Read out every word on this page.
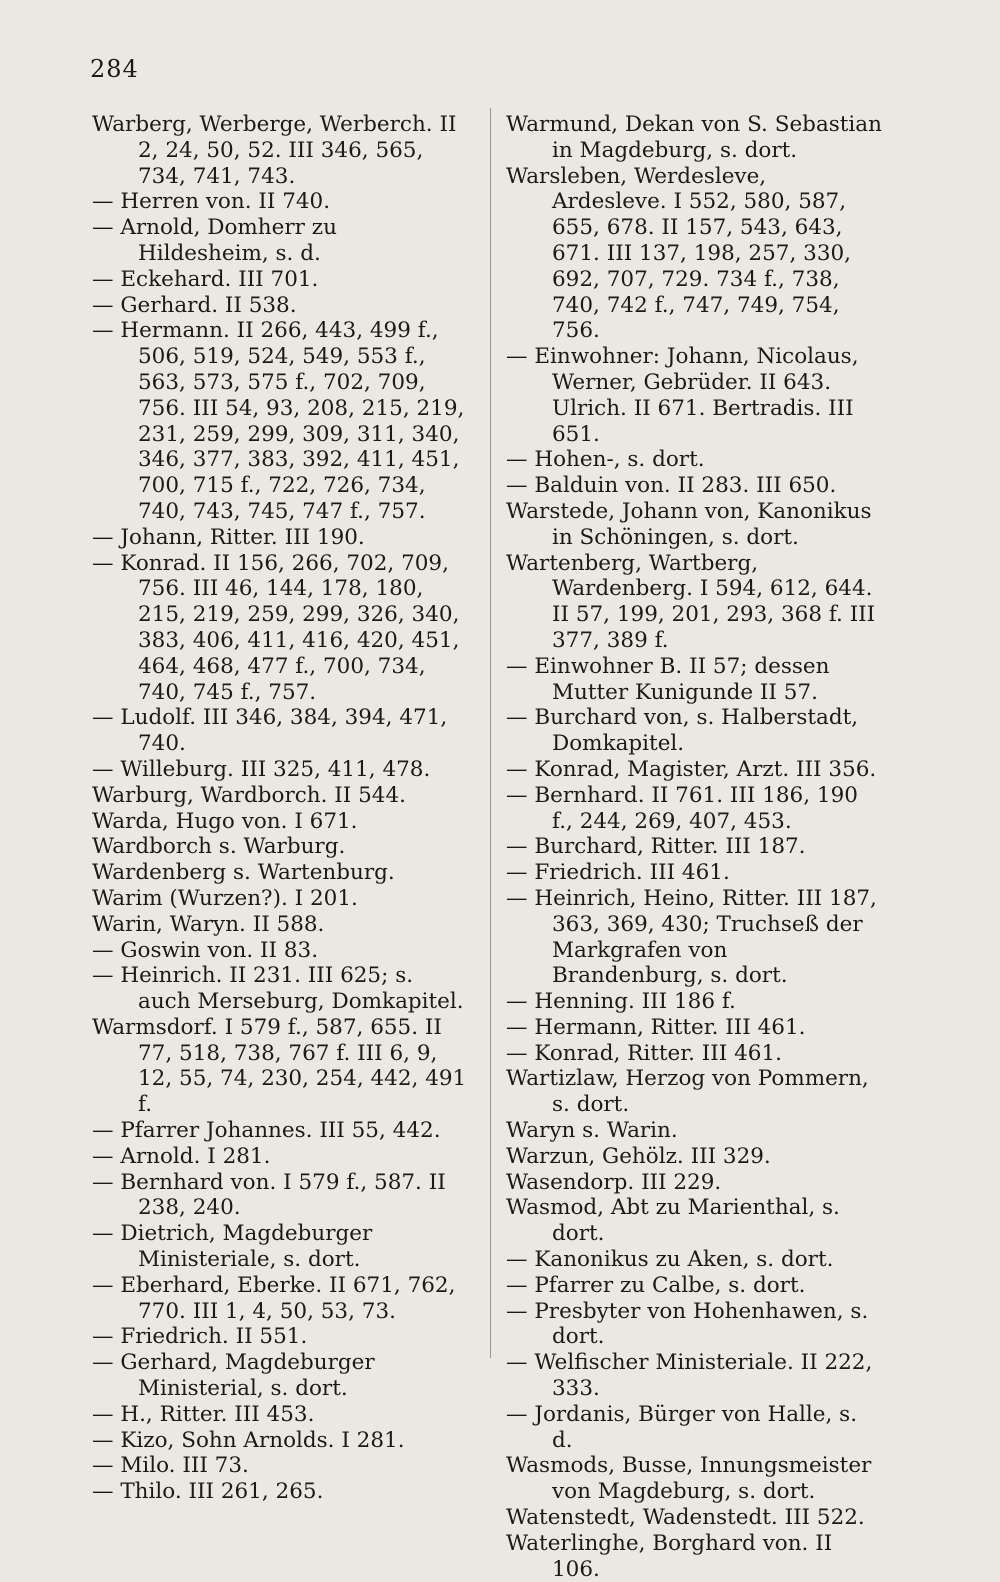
284

Warberg, Werberge, Werberch. II 2, 24, 50, 52. III 346, 565, 734, 741, 743.

— Herren von. II 740.

— Arnold, Domherr zu Hildesheim, s. d.

— Eckehard. III 701.

— Gerhard. II 538.

— Hermann. II 266, 443, 499 f., 506, 519, 524, 549, 553 f., 563, 573, 575 f., 702, 709, 756. III 54, 93, 208, 215, 219, 231, 259, 299, 309, 311, 340, 346, 377, 383, 392, 411, 451, 700, 715 f., 722, 726, 734, 740, 743, 745, 747 f., 757.

— Johann, Ritter. III 190.

— Konrad. II 156, 266, 702, 709, 756. III 46, 144, 178, 180, 215, 219, 259, 299, 326, 340, 383, 406, 411, 416, 420, 451, 464, 468, 477 f., 700, 734, 740, 745 f., 757.

— Ludolf. III 346, 384, 394, 471, 740.

— Willeburg. III 325, 411, 478.

Warburg, Wardborch. II 544.

Warda, Hugo von. I 671.

Wardborch s. Warburg.

Wardenberg s. Wartenburg.

Warim (Wurzen?). I 201.

Warin, Waryn. II 588.

— Goswin von. II 83.

— Heinrich. II 231. III 625; s. auch Merseburg, Domkapitel.

Warmsdorf. I 579 f., 587, 655. II 77, 518, 738, 767 f. III 6, 9, 12, 55, 74, 230, 254, 442, 491 f.

— Pfarrer Johannes. III 55, 442.

— Arnold. I 281.

— Bernhard von. I 579 f., 587. II 238, 240.

— Dietrich, Magdeburger Ministeriale, s. dort.

— Eberhard, Eberke. II 671, 762, 770. III 1, 4, 50, 53, 73.

— Friedrich. II 551.

— Gerhard, Magdeburger Ministerial, s. dort.

— H., Ritter. III 453.

— Kizo, Sohn Arnolds. I 281.

— Milo. III 73.

— Thilo. III 261, 265.

Warmund, Dekan von S. Sebastian in Magdeburg, s. dort.

Warsleben, Werdesleve, Ardesleve. I 552, 580, 587, 655, 678. II 157, 543, 643, 671. III 137, 198, 257, 330, 692, 707, 729. 734 f., 738, 740, 742 f., 747, 749, 754, 756.

— Einwohner: Johann, Nicolaus, Werner, Gebrüder. II 643. Ulrich. II 671. Bertradis. III 651.

— Hohen-, s. dort.

— Balduin von. II 283. III 650.

Warstede, Johann von, Kanonikus in Schöningen, s. dort.

Wartenberg, Wartberg, Wardenberg. I 594, 612, 644. II 57, 199, 201, 293, 368 f. III 377, 389 f.

— Einwohner B. II 57; dessen Mutter Kunigunde II 57.

— Burchard von, s. Halberstadt, Domkapitel.

— Konrad, Magister, Arzt. III 356.

— Bernhard. II 761. III 186, 190 f., 244, 269, 407, 453.

— Burchard, Ritter. III 187.

— Friedrich. III 461.

— Heinrich, Heino, Ritter. III 187, 363, 369, 430; Truchseß der Markgrafen von Brandenburg, s. dort.

— Henning. III 186 f.

— Hermann, Ritter. III 461.

— Konrad, Ritter. III 461.

Wartizlaw, Herzog von Pommern, s. dort.

Waryn s. Warin.

Warzun, Gehölz. III 329.

Wasendorp. III 229.

Wasmod, Abt zu Marienthal, s. dort.

— Kanonikus zu Aken, s. dort.

— Pfarrer zu Calbe, s. dort.

— Presbyter von Hohenhawen, s. dort.

— Welfischer Ministeriale. II 222, 333.

— Jordanis, Bürger von Halle, s. d.

Wasmods, Busse, Innungsmeister von Magdeburg, s. dort.

Watenstedt, Wadenstedt. III 522.

Waterlinghe, Borghard von. II 106.
